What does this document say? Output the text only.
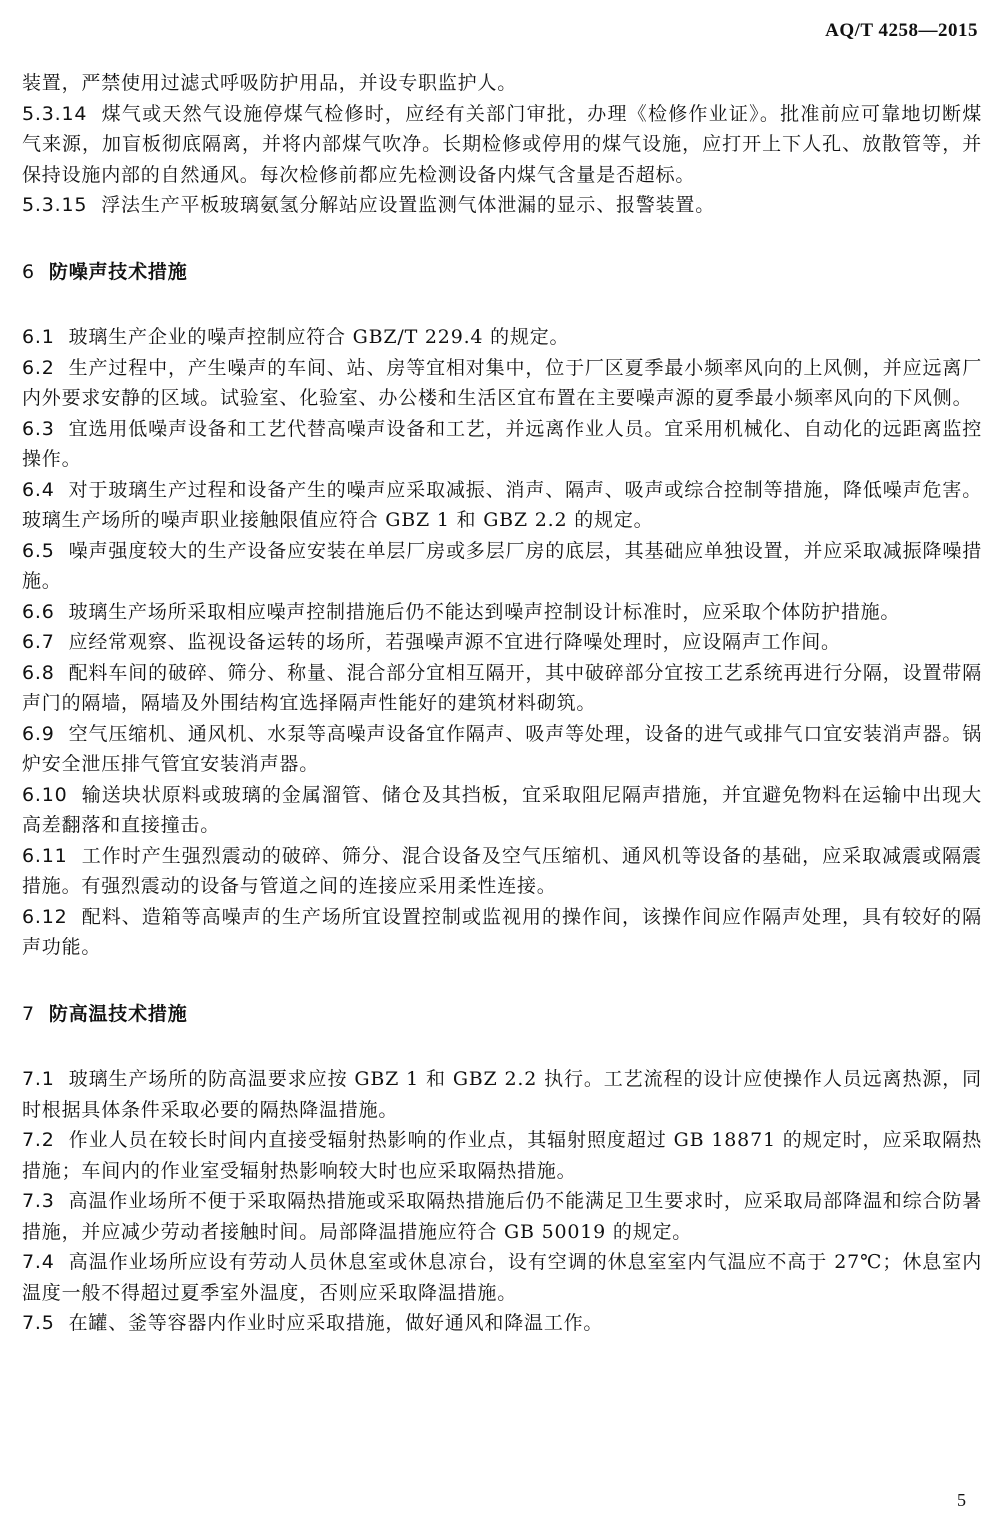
AQ/T 4258—2015

装置，严禁使用过滤式呼吸防护用品，并设专职监护人。

5.3.14 煤气或天然气设施停煤气检修时，应经有关部门审批，办理《检修作业证》。批准前应可靠地切断煤气来源，加盲板彻底隔离，并将内部煤气吹净。长期检修或停用的煤气设施，应打开上下人孔、放散管等，并保持设施内部的自然通风。每次检修前都应先检测设备内煤气含量是否超标。

5.3.15 浮法生产平板玻璃氨氢分解站应设置监测气体泄漏的显示、报警装置。

6 防噪声技术措施

6.1 玻璃生产企业的噪声控制应符合 GBZ/T 229.4 的规定。

6.2 生产过程中，产生噪声的车间、站、房等宜相对集中，位于厂区夏季最小频率风向的上风侧，并应远离厂内外要求安静的区域。试验室、化验室、办公楼和生活区宜布置在主要噪声源的夏季最小频率风向的下风侧。

6.3 宜选用低噪声设备和工艺代替高噪声设备和工艺，并远离作业人员。宜采用机械化、自动化的远距离监控操作。

6.4 对于玻璃生产过程和设备产生的噪声应采取减振、消声、隔声、吸声或综合控制等措施，降低噪声危害。玻璃生产场所的噪声职业接触限值应符合 GBZ 1 和 GBZ 2.2 的规定。

6.5 噪声强度较大的生产设备应安装在单层厂房或多层厂房的底层，其基础应单独设置，并应采取减振降噪措施。

6.6 玻璃生产场所采取相应噪声控制措施后仍不能达到噪声控制设计标准时，应采取个体防护措施。

6.7 应经常观察、监视设备运转的场所，若强噪声源不宜进行降噪处理时，应设隔声工作间。

6.8 配料车间的破碎、筛分、称量、混合部分宜相互隔开，其中破碎部分宜按工艺系统再进行分隔，设置带隔声门的隔墙，隔墙及外围结构宜选择隔声性能好的建筑材料砌筑。

6.9 空气压缩机、通风机、水泵等高噪声设备宜作隔声、吸声等处理，设备的进气或排气口宜安装消声器。锅炉安全泄压排气管宜安装消声器。

6.10 输送块状原料或玻璃的金属溜管、储仓及其挡板，宜采取阻尼隔声措施，并宜避免物料在运输中出现大高差翻落和直接撞击。

6.11 工作时产生强烈震动的破碎、筛分、混合设备及空气压缩机、通风机等设备的基础，应采取减震或隔震措施。有强烈震动的设备与管道之间的连接应采用柔性连接。

6.12 配料、造箱等高噪声的生产场所宜设置控制或监视用的操作间，该操作间应作隔声处理，具有较好的隔声功能。

7 防高温技术措施

7.1 玻璃生产场所的防高温要求应按 GBZ 1 和 GBZ 2.2 执行。工艺流程的设计应使操作人员远离热源，同时根据具体条件采取必要的隔热降温措施。

7.2 作业人员在较长时间内直接受辐射热影响的作业点，其辐射照度超过 GB 18871 的规定时，应采取隔热措施；车间内的作业室受辐射热影响较大时也应采取隔热措施。

7.3 高温作业场所不便于采取隔热措施或采取隔热措施后仍不能满足卫生要求时，应采取局部降温和综合防暑措施，并应减少劳动者接触时间。局部降温措施应符合 GB 50019 的规定。

7.4 高温作业场所应设有劳动人员休息室或休息凉台，设有空调的休息室室内气温应不高于 27℃；休息室内温度一般不得超过夏季室外温度，否则应采取降温措施。

7.5 在罐、釜等容器内作业时应采取措施，做好通风和降温工作。

5
